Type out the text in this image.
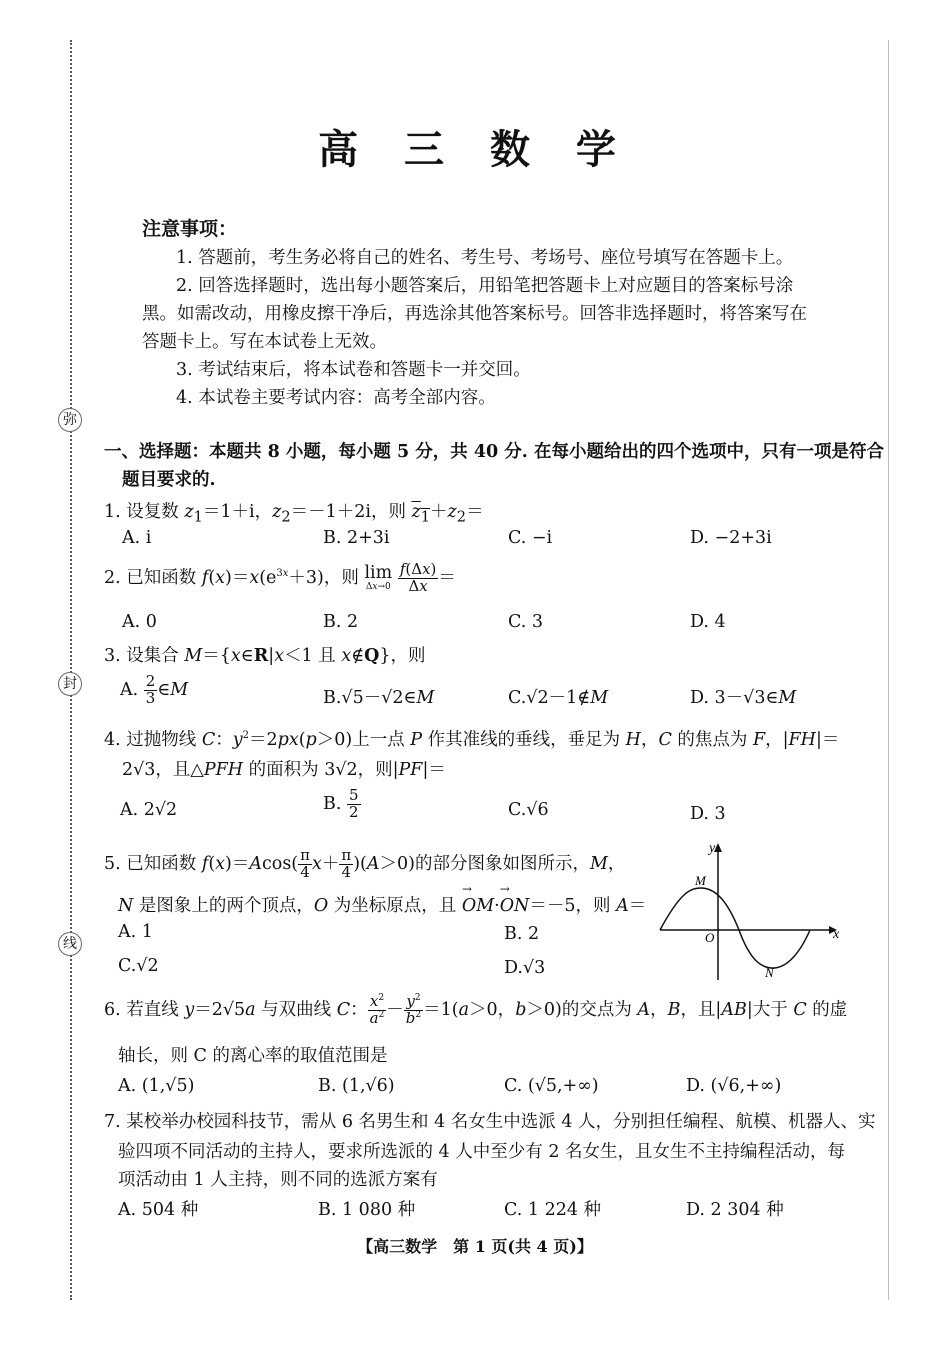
弥
封
线
高 三 数 学
注意事项：
1. 答题前，考生务必将自己的姓名、考生号、考场号、座位号填写在答题卡上。
2. 回答选择题时，选出每小题答案后，用铅笔把答题卡上对应题目的答案标号涂
黑。如需改动，用橡皮擦干净后，再选涂其他答案标号。回答非选择题时，将答案写在
答题卡上。写在本试卷上无效。
3. 考试结束后，将本试卷和答题卡一并交回。
4. 本试卷主要考试内容：高考全部内容。
一、选择题：本题共 8 小题，每小题 5 分，共 40 分. 在每小题给出的四个选项中，只有一项是符合
题目要求的.
1. 设复数 $z_1=1+i$，$z_2=-1+2i$，则 $z_1+z_2=$
A. i	B. 2+3i	C. −i	D. −2+3i
2. 已知函数 $f(x)=x(e^{3x}+3)$，则 lim
Δx→0
$\frac{f(\Delta x)}{\Delta x}$ ＝
A. 0	B. 2	C. 3	D. 4
3. 设集合 M＝{x∈R|x＜1 且 x∉Q}，则
A. $\frac{2}{3}$ ∈M	B.√5－√2∈M	C.√2－1∉M	D. 3－√3∈M
4. 过抛物线 C：$y^2=2px(p>0)$上一点 P 作其准线的垂线，垂足为 H，C 的焦点为 F，|FH|＝
2√3，且△PFH 的面积为 3√2，则|PF|＝
A. 2√2	B. $\frac{5}{2}$	C.√6	D. 3
5. 已知函数 $f(x)=Acos( \frac{\pi}{4} x+ \frac{\pi}{4} )(A>0)$的部分图象如图所示，M，
N 是图象上的两个顶点，O 为坐标原点，且 OM
→
·ON
→
＝－5，则 A＝
A. 1	B. 2
C.√2	D.√3
y
x
M
O
N
6. 若直线 y＝2√5a 与双曲线 C： $\frac{x^2}{a^2} - \frac{y^2}{b^2} =1(a>0$，b＞0)的交点为 A，B，且|AB|大于 C 的虚
轴长，则 C 的离心率的取值范围是
A. (1,√5)	B. (1,√6)	C. (√5,+∞)	D. (√6,+∞)
7. 某校举办校园科技节，需从 6 名男生和 4 名女生中选派 4 人，分别担任编程、航模、机器人、实
验四项不同活动的主持人，要求所选派的 4 人中至少有 2 名女生，且女生不主持编程活动，每
项活动由 1 人主持，则不同的选派方案有
A. 504 种	B. 1 080 种	C. 1 224 种	D. 2 304 种
【高三数学　第 1 页(共 4 页)】
